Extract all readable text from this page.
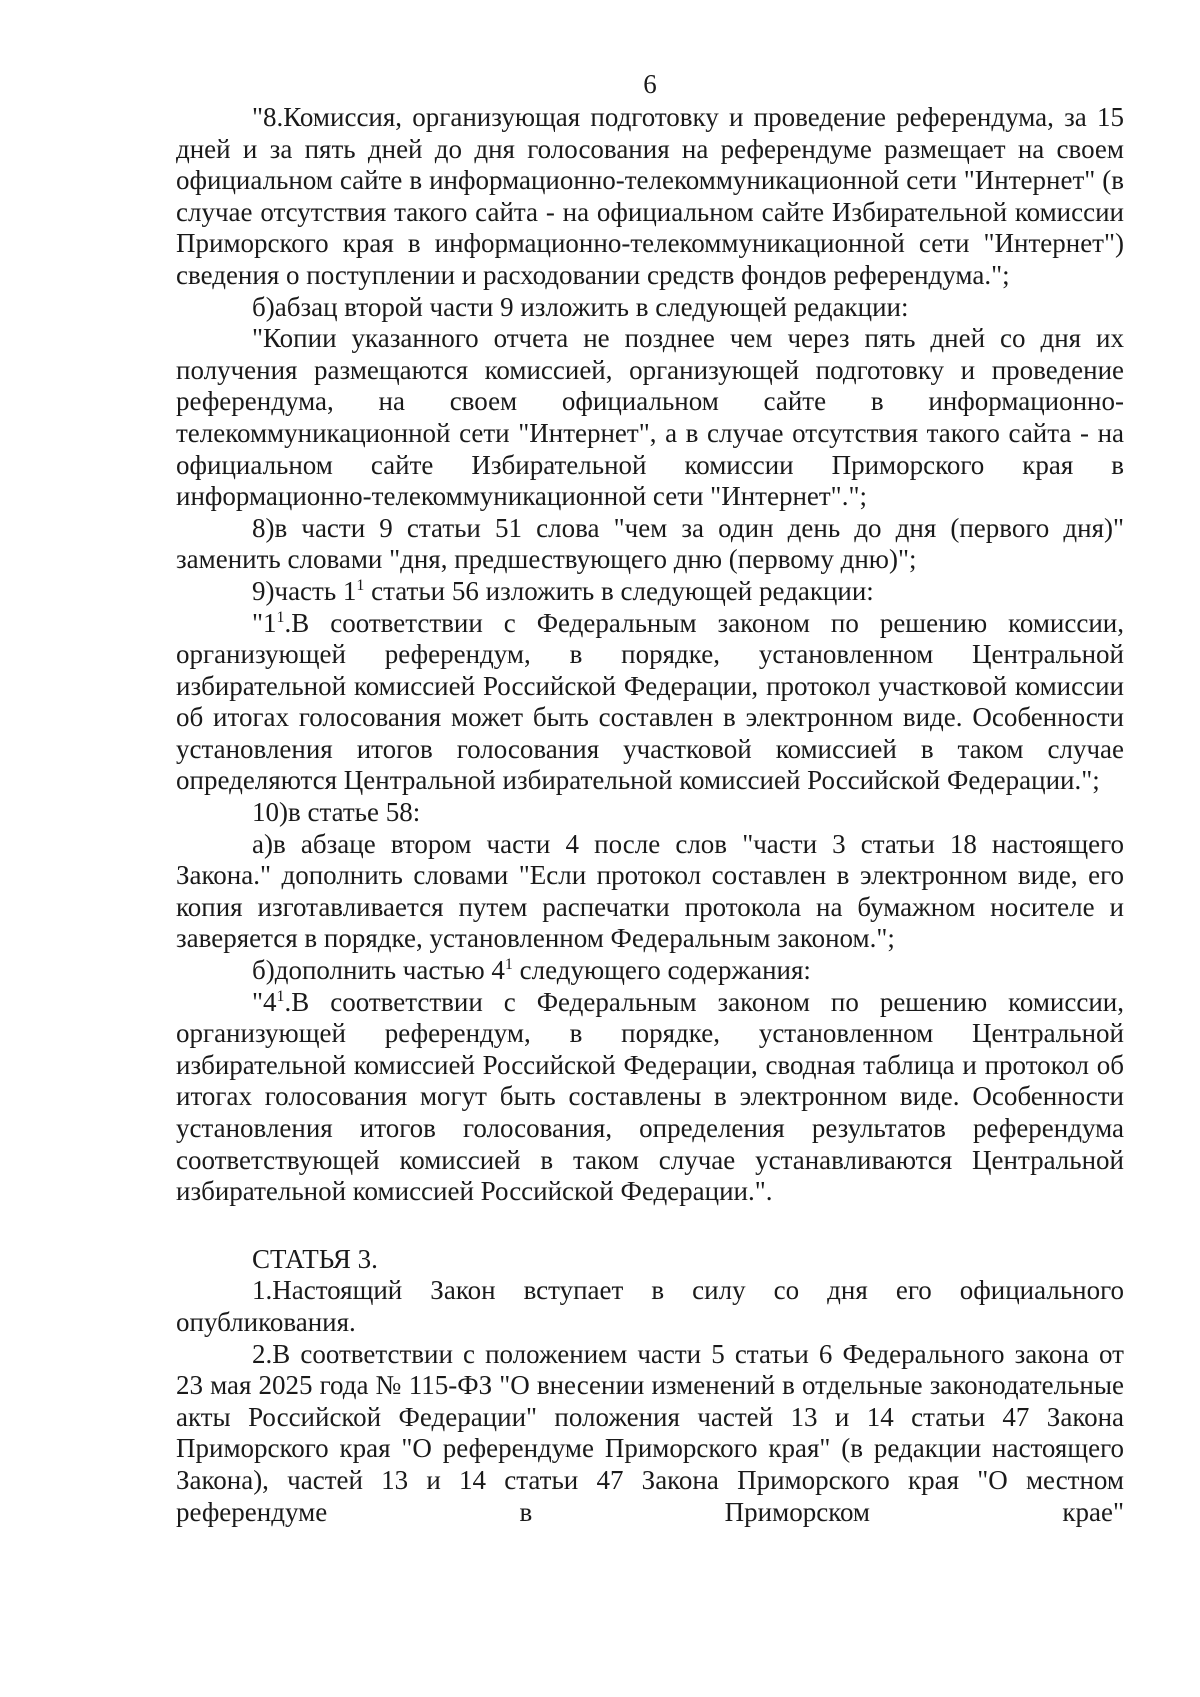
6

"8.Комиссия, организующая подготовку и проведение референдума, за 15 дней и за пять дней до дня голосования на референдуме размещает на своем официальном сайте в информационно-телекоммуникационной сети "Интернет" (в случае отсутствия такого сайта - на официальном сайте Избирательной комиссии Приморского края в информационно-телекоммуникационной сети "Интернет") сведения о поступлении и расходовании средств фондов референдума.";

б)абзац второй части 9 изложить в следующей редакции:

"Копии указанного отчета не позднее чем через пять дней со дня их получения размещаются комиссией, организующей подготовку и проведение референдума, на своем официальном сайте в информационно-телекоммуникационной сети "Интернет", а в случае отсутствия такого сайта - на официальном сайте Избирательной комиссии Приморского края в информационно-телекоммуникационной сети "Интернет".";

8)в части 9 статьи 51 слова "чем за один день до дня (первого дня)" заменить словами "дня, предшествующего дню (первому дню)";

9)часть $1^1$ статьи 56 изложить в следующей редакции:

"$1^1.В$ соответствии с Федеральным законом по решению комиссии, организующей референдум, в порядке, установленном Центральной избирательной комиссией Российской Федерации, протокол участковой комиссии об итогах голосования может быть составлен в электронном виде. Особенности установления итогов голосования участковой комиссией в таком случае определяются Центральной избирательной комиссией Российской Федерации.";

10)в статье 58:

а)в абзаце втором части 4 после слов "части 3 статьи 18 настоящего Закона." дополнить словами "Если протокол составлен в электронном виде, его копия изготавливается путем распечатки протокола на бумажном носителе и заверяется в порядке, установленном Федеральным законом.";

б)дополнить частью $4^1$ следующего содержания:

"$4^1.В$ соответствии с Федеральным законом по решению комиссии, организующей референдум, в порядке, установленном Центральной избирательной комиссией Российской Федерации, сводная таблица и протокол об итогах голосования могут быть составлены в электронном виде. Особенности установления итогов голосования, определения результатов референдума соответствующей комиссией в таком случае устанавливаются Центральной избирательной комиссией Российской Федерации.".

СТАТЬЯ 3.

1.Настоящий Закон вступает в силу со дня его официального опубликования.

2.В соответствии с положением части 5 статьи 6 Федерального закона от 23 мая 2025 года № 115-ФЗ "О внесении изменений в отдельные законодательные акты Российской Федерации" положения частей 13 и 14 статьи 47 Закона Приморского края "О референдуме Приморского края" (в редакции настоящего Закона), частей 13 и 14 статьи 47 Закона Приморского края "О местном референдуме в Приморском крае"
